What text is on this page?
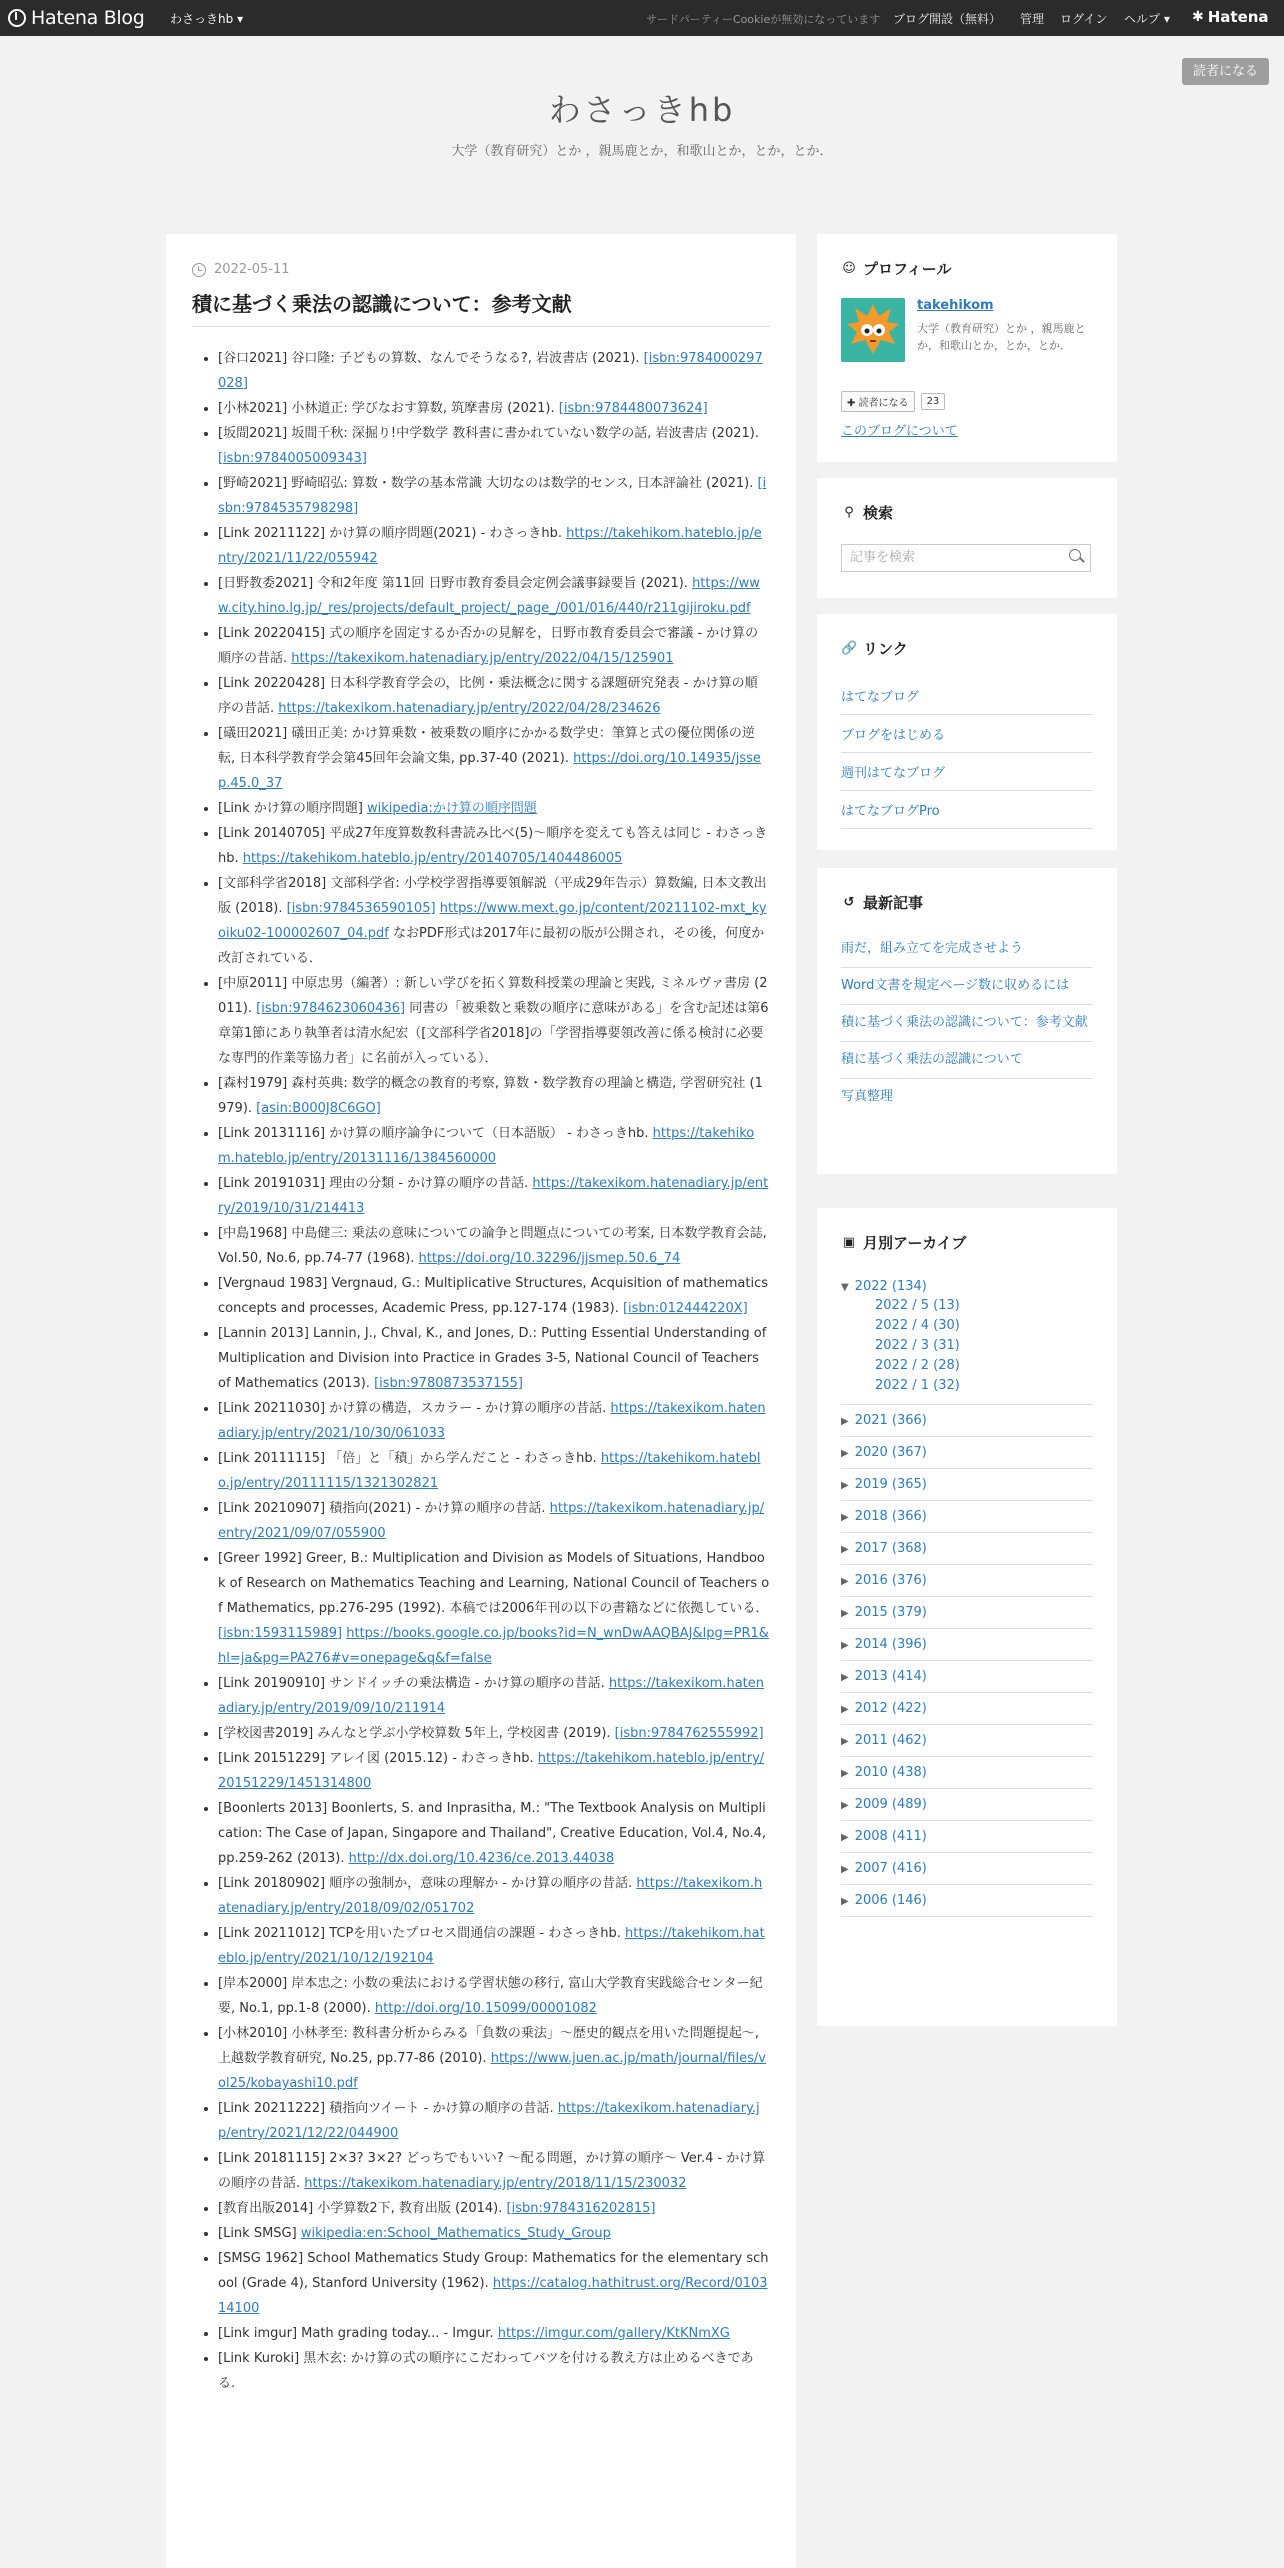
Hatena Blog わさっきhb ▾	サードパーティーCookieが無効になっています ブログ開設（無料） 管理 ログイン ヘルプ ▾ ✱ Hatena
読者になる
わさっきhb
大学（教育研究）とか ，親馬鹿とか，和歌山とか，とか，とか．
2022-05-11
積に基づく乗法の認識について：参考文献
• [谷口2021] 谷口隆: 子どもの算数、なんでそうなる?, 岩波書店 (2021). [isbn:9784000297028]
• [小林2021] 小林道正: 学びなおす算数, 筑摩書房 (2021). [isbn:9784480073624]
• [坂間2021] 坂間千秋: 深掘り!中学数学 教科書に書かれていない数学の話, 岩波書店 (2021). [isbn:9784005009343]
• [野崎2021] 野崎昭弘: 算数・数学の基本常識 大切なのは数学的センス, 日本評論社 (2021). [isbn:9784535798298]
• [Link 20211122] かけ算の順序問題(2021) - わさっきhb. https://takehikom.hateblo.jp/entry/2021/11/22/055942
• [日野教委2021] 令和2年度 第11回 日野市教育委員会定例会議事録要旨 (2021). https://www.city.hino.lg.jp/_res/projects/default_project/_page_/001/016/440/r211gijiroku.pdf
• [Link 20220415] 式の順序を固定するか否かの見解を，日野市教育委員会で審議 - かけ算の順序の昔話. https://takexikom.hatenadiary.jp/entry/2022/04/15/125901
• [Link 20220428] 日本科学教育学会の，比例・乗法概念に関する課題研究発表 - かけ算の順序の昔話. https://takexikom.hatenadiary.jp/entry/2022/04/28/234626
• [礒田2021] 礒田正美: かけ算乗数・被乗数の順序にかかる数学史：筆算と式の優位関係の逆転, 日本科学教育学会第45回年会論文集, pp.37-40 (2021). https://doi.org/10.14935/jssep.45.0_37
• [Link かけ算の順序問題] wikipedia:かけ算の順序問題
• [Link 20140705] 平成27年度算数教科書読み比べ(5)～順序を変えても答えは同じ - わさっきhb. https://takehikom.hateblo.jp/entry/20140705/1404486005
• [文部科学省2018] 文部科学省: 小学校学習指導要領解説（平成29年告示）算数編, 日本文教出版 (2018). [isbn:9784536590105] https://www.mext.go.jp/content/20211102-mxt_kyoiku02-100002607_04.pdf なおPDF形式は2017年に最初の版が公開され，その後，何度か改訂されている．
• [中原2011] 中原忠男（編著）: 新しい学びを拓く算数科授業の理論と実践, ミネルヴァ書房 (2011). [isbn:9784623060436] 同書の「被乗数と乗数の順序に意味がある」を含む記述は第6章第1節にあり執筆者は清水紀宏（[文部科学省2018]の「学習指導要領改善に係る検討に必要な専門的作業等協力者」に名前が入っている）．
• [森村1979] 森村英典: 数学的概念の教育的考察, 算数・数学教育の理論と構造, 学習研究社 (1979). [asin:B000J8C6GO]
• [Link 20131116] かけ算の順序論争について（日本語版） - わさっきhb. https://takehikom.hateblo.jp/entry/20131116/1384560000
• [Link 20191031] 理由の分類 - かけ算の順序の昔話. https://takexikom.hatenadiary.jp/entry/2019/10/31/214413
• [中島1968] 中島健三: 乗法の意味についての論争と問題点についての考案, 日本数学教育会誌, Vol.50, No.6, pp.74-77 (1968). https://doi.org/10.32296/jjsmep.50.6_74
• [Vergnaud 1983] Vergnaud, G.: Multiplicative Structures, Acquisition of mathematics concepts and processes, Academic Press, pp.127-174 (1983). [isbn:012444220X]
• [Lannin 2013] Lannin, J., Chval, K., and Jones, D.: Putting Essential Understanding of Multiplication and Division into Practice in Grades 3-5, National Council of Teachers of Mathematics (2013). [isbn:9780873537155]
• [Link 20211030] かけ算の構造，スカラー - かけ算の順序の昔話. https://takexikom.hatenadiary.jp/entry/2021/10/30/061033
• [Link 20111115] 「倍」と「積」から学んだこと - わさっきhb. https://takehikom.hateblo.jp/entry/20111115/1321302821
• [Link 20210907] 積指向(2021) - かけ算の順序の昔話. https://takexikom.hatenadiary.jp/entry/2021/09/07/055900
• [Greer 1992] Greer, B.: Multiplication and Division as Models of Situations, Handbook of Research on Mathematics Teaching and Learning, National Council of Teachers of Mathematics, pp.276-295 (1992). 本稿では2006年刊の以下の書籍などに依拠している．[isbn:1593115989] https://books.google.co.jp/books?id=N_wnDwAAQBAJ&lpg=PR1&hl=ja&pg=PA276#v=onepage&q&f=false
• [Link 20190910] サンドイッチの乗法構造 - かけ算の順序の昔話. https://takexikom.hatenadiary.jp/entry/2019/09/10/211914
• [学校図書2019] みんなと学ぶ小学校算数 5年上, 学校図書 (2019). [isbn:9784762555992]
• [Link 20151229] アレイ図 (2015.12) - わさっきhb. https://takehikom.hateblo.jp/entry/20151229/1451314800
• [Boonlerts 2013] Boonlerts, S. and Inprasitha, M.: "The Textbook Analysis on Multiplication: The Case of Japan, Singapore and Thailand", Creative Education, Vol.4, No.4, pp.259-262 (2013). http://dx.doi.org/10.4236/ce.2013.44038
• [Link 20180902] 順序の強制か，意味の理解か - かけ算の順序の昔話. https://takexikom.hatenadiary.jp/entry/2018/09/02/051702
• [Link 20211012] TCPを用いたプロセス間通信の課題 - わさっきhb. https://takehikom.hateblo.jp/entry/2021/10/12/192104
• [岸本2000] 岸本忠之: 小数の乗法における学習状態の移行, 富山大学教育実践総合センター紀要, No.1, pp.1-8 (2000). http://doi.org/10.15099/00001082
• [小林2010] 小林孝至: 教科書分析からみる「負数の乗法」～歴史的観点を用いた問題提起～, 上越数学教育研究, No.25, pp.77-86 (2010). https://www.juen.ac.jp/math/journal/files/vol25/kobayashi10.pdf
• [Link 20211222] 積指向ツイート - かけ算の順序の昔話. https://takexikom.hatenadiary.jp/entry/2021/12/22/044900
• [Link 20181115] 2×3? 3×2? どっちでもいい? ～配る問題，かけ算の順序～ Ver.4 - かけ算の順序の昔話. https://takexikom.hatenadiary.jp/entry/2018/11/15/230032
• [教育出版2014] 小学算数2下, 教育出版 (2014). [isbn:9784316202815]
• [Link SMSG] wikipedia:en:School_Mathematics_Study_Group
• [SMSG 1962] School Mathematics Study Group: Mathematics for the elementary school (Grade 4), Stanford University (1962). https://catalog.hathitrust.org/Record/010314100
• [Link imgur] Math grading today... - Imgur. https://imgur.com/gallery/KtKNmXG
• [Link Kuroki] 黒木玄: かけ算の式の順序にこだわってバツを付ける教え方は止めるべきである.
☺ プロフィール
takehikom
大学（教育研究）とか ，親馬鹿とか，和歌山とか，とか，とか．
✚ 読者になる	23
このブログについて
⚲ 検索
記事を検索
🔗 リンク
はてなブログ
ブログをはじめる
週刊はてなブログ
はてなブログPro
↺ 最新記事
雨だ，組み立てを完成させよう
Word文書を規定ページ数に収めるには
積に基づく乗法の認識について：参考文献
積に基づく乗法の認識について
写真整理
▣ 月別アーカイブ
▼ 2022 (134)
2022 / 5 (13)
2022 / 4 (30)
2022 / 3 (31)
2022 / 2 (28)
2022 / 1 (32)
▶ 2021 (366)
▶ 2020 (367)
▶ 2019 (365)
▶ 2018 (366)
▶ 2017 (368)
▶ 2016 (376)
▶ 2015 (379)
▶ 2014 (396)
▶ 2013 (414)
▶ 2012 (422)
▶ 2011 (462)
▶ 2010 (438)
▶ 2009 (489)
▶ 2008 (411)
▶ 2007 (416)
▶ 2006 (146)
